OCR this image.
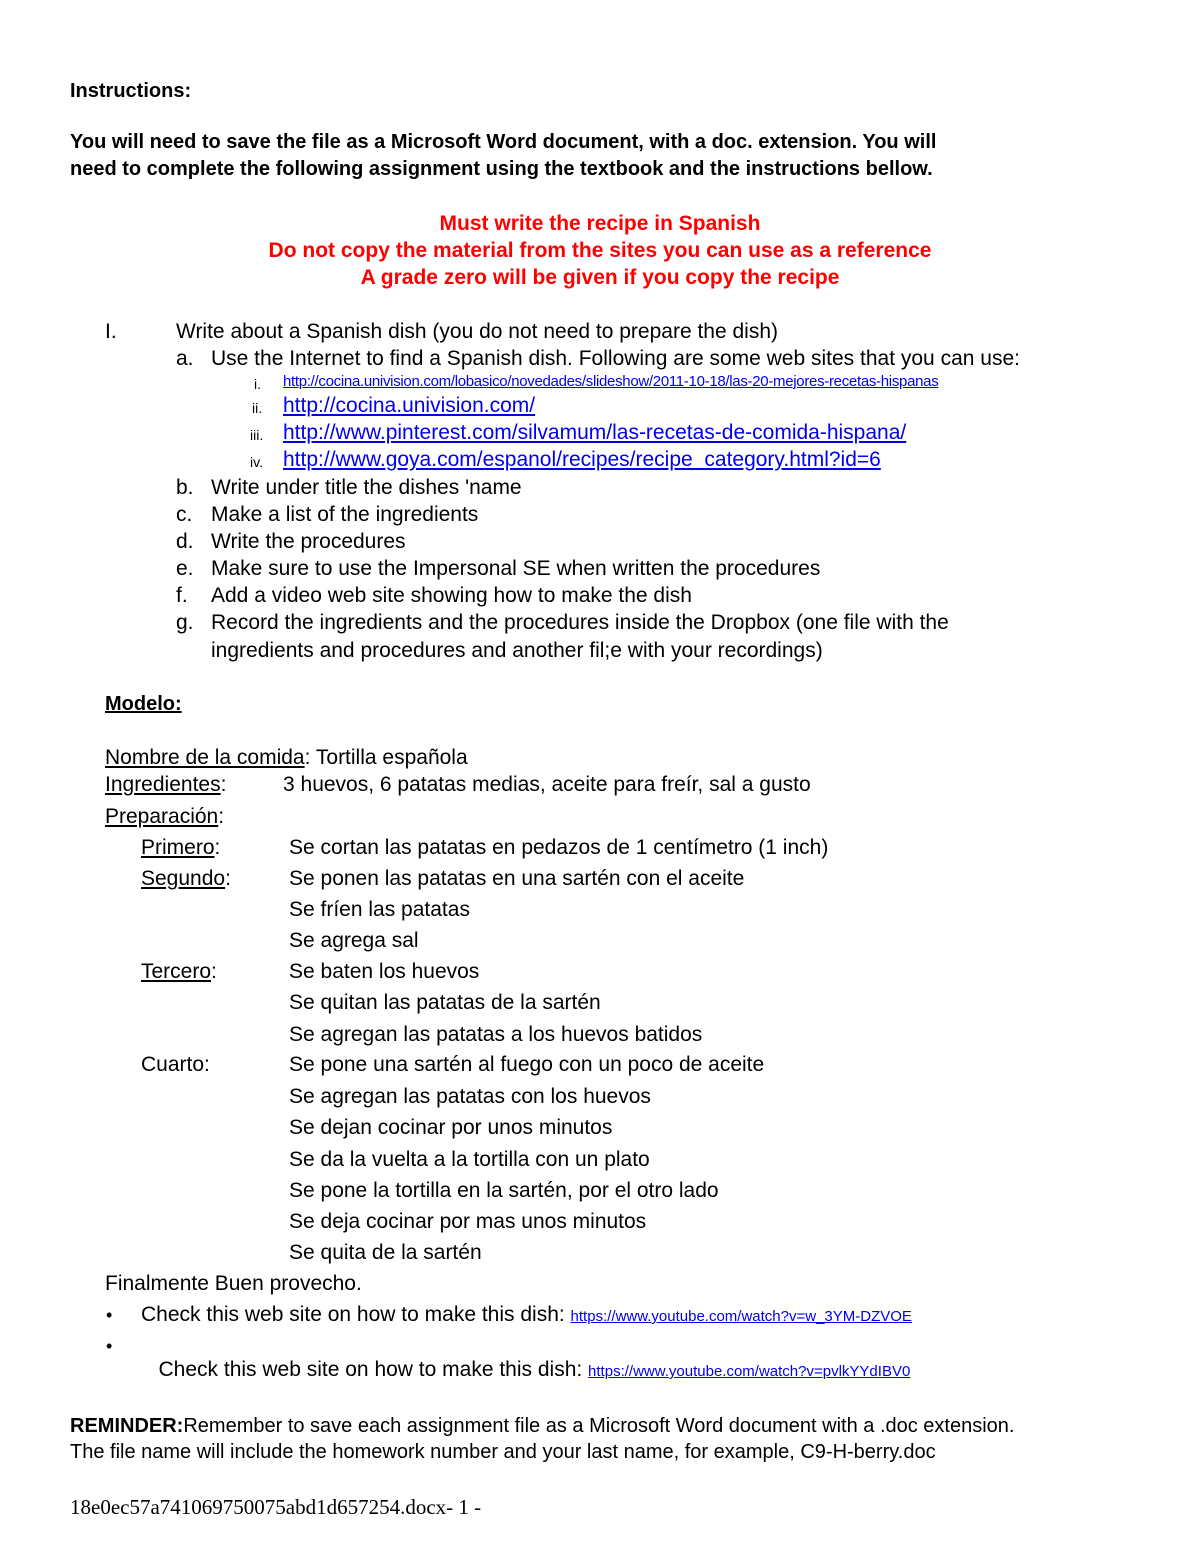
Instructions:
You will need to save the file as a Microsoft Word document, with a doc. extension. You will
need to complete the following assignment using the textbook and the instructions bellow.
Must write the recipe in Spanish
Do not copy the material from the sites you can use as a reference
A grade zero will be given if you copy the recipe
I.	Write about a Spanish dish (you do not need to prepare the dish)
a. Use the Internet to find a Spanish dish. Following are some web sites that you can use:
i. http://cocina.univision.com/lobasico/novedades/slideshow/2011-10-18/las-20-mejores-recetas-hispanas
ii. http://cocina.univision.com/
iii. http://www.pinterest.com/silvamum/las-recetas-de-comida-hispana/
iv. http://www.goya.com/espanol/recipes/recipe_category.html?id=6
b. Write under title the dishes 'name
c. Make a list of the ingredients
d. Write the procedures
e. Make sure to use the Impersonal SE when written the procedures
f. Add a video web site showing how to make the dish
g. Record the ingredients and the procedures inside the Dropbox (one file with the
ingredients and procedures and another fil;e with your recordings)
Modelo:
Nombre de la comida: Tortilla española
Ingredientes:	3 huevos, 6 patatas medias, aceite para freír, sal a gusto
Preparación:
Primero:	Se cortan las patatas en pedazos de 1 centímetro (1 inch)
Segundo:	Se ponen las patatas en una sartén con el aceite
Se fríen las patatas
Se agrega sal
Tercero:	Se baten los huevos
Se quitan las patatas de la sartén
Se agregan las patatas a los huevos batidos
Cuarto:	Se pone una sartén al fuego con un poco de aceite
Se agregan las patatas con los huevos
Se dejan cocinar por unos minutos
Se da la vuelta a la tortilla con un plato
Se pone la tortilla en la sartén, por el otro lado
Se deja cocinar por mas unos minutos
Se quita de la sartén
Finalmente Buen provecho.
• Check this web site on how to make this dish: https://www.youtube.com/watch?v=w_3YM-DZVOE
•

Check this web site on how to make this dish: https://www.youtube.com/watch?v=pvlkYYdIBV0

REMINDER:Remember to save each assignment file as a Microsoft Word document with a .doc extension.
The file name will include the homework number and your last name, for example, C9-H-berry.doc
18e0ec57a741069750075abd1d657254.docx- 1 -
